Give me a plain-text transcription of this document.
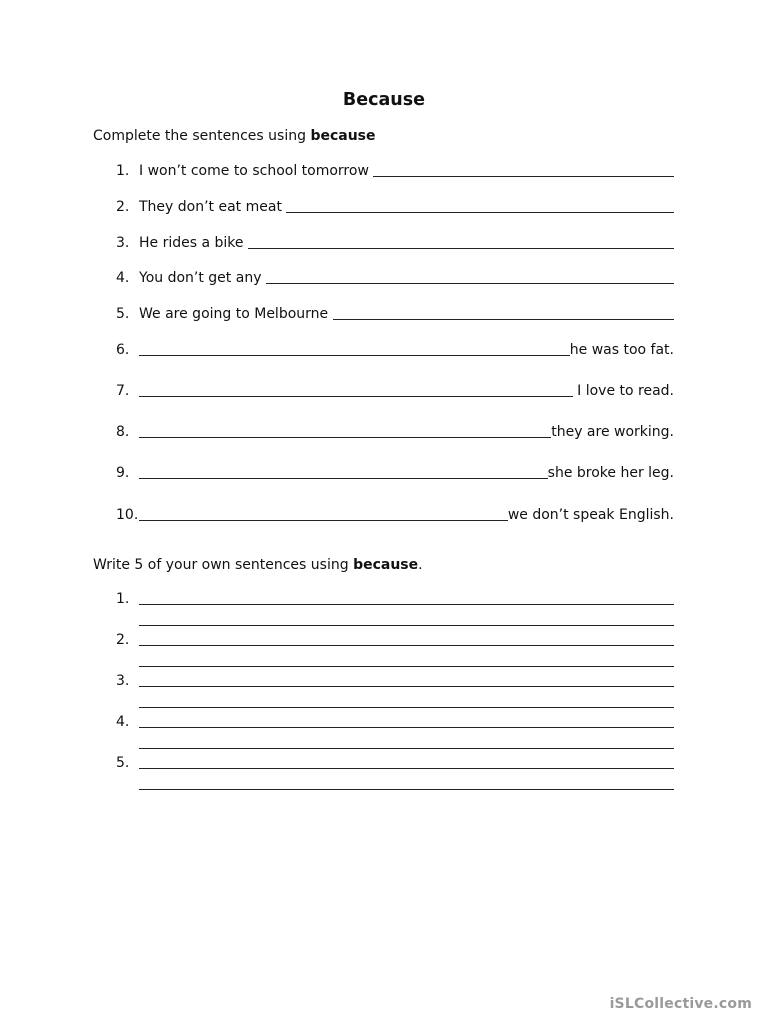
Because
Complete the sentences using because
1. I won’t come to school tomorrow
2. They don’t eat meat
3. He rides a bike
4. You don’t get any
5. We are going to Melbourne
6.	he was too fat.
7.	I love to read.
8.	they are working.
9.	she broke her leg.
10.	we don’t speak English.
Write 5 of your own sentences using because.
1.
2.
3.
4.
5.
iSLCollective.com
